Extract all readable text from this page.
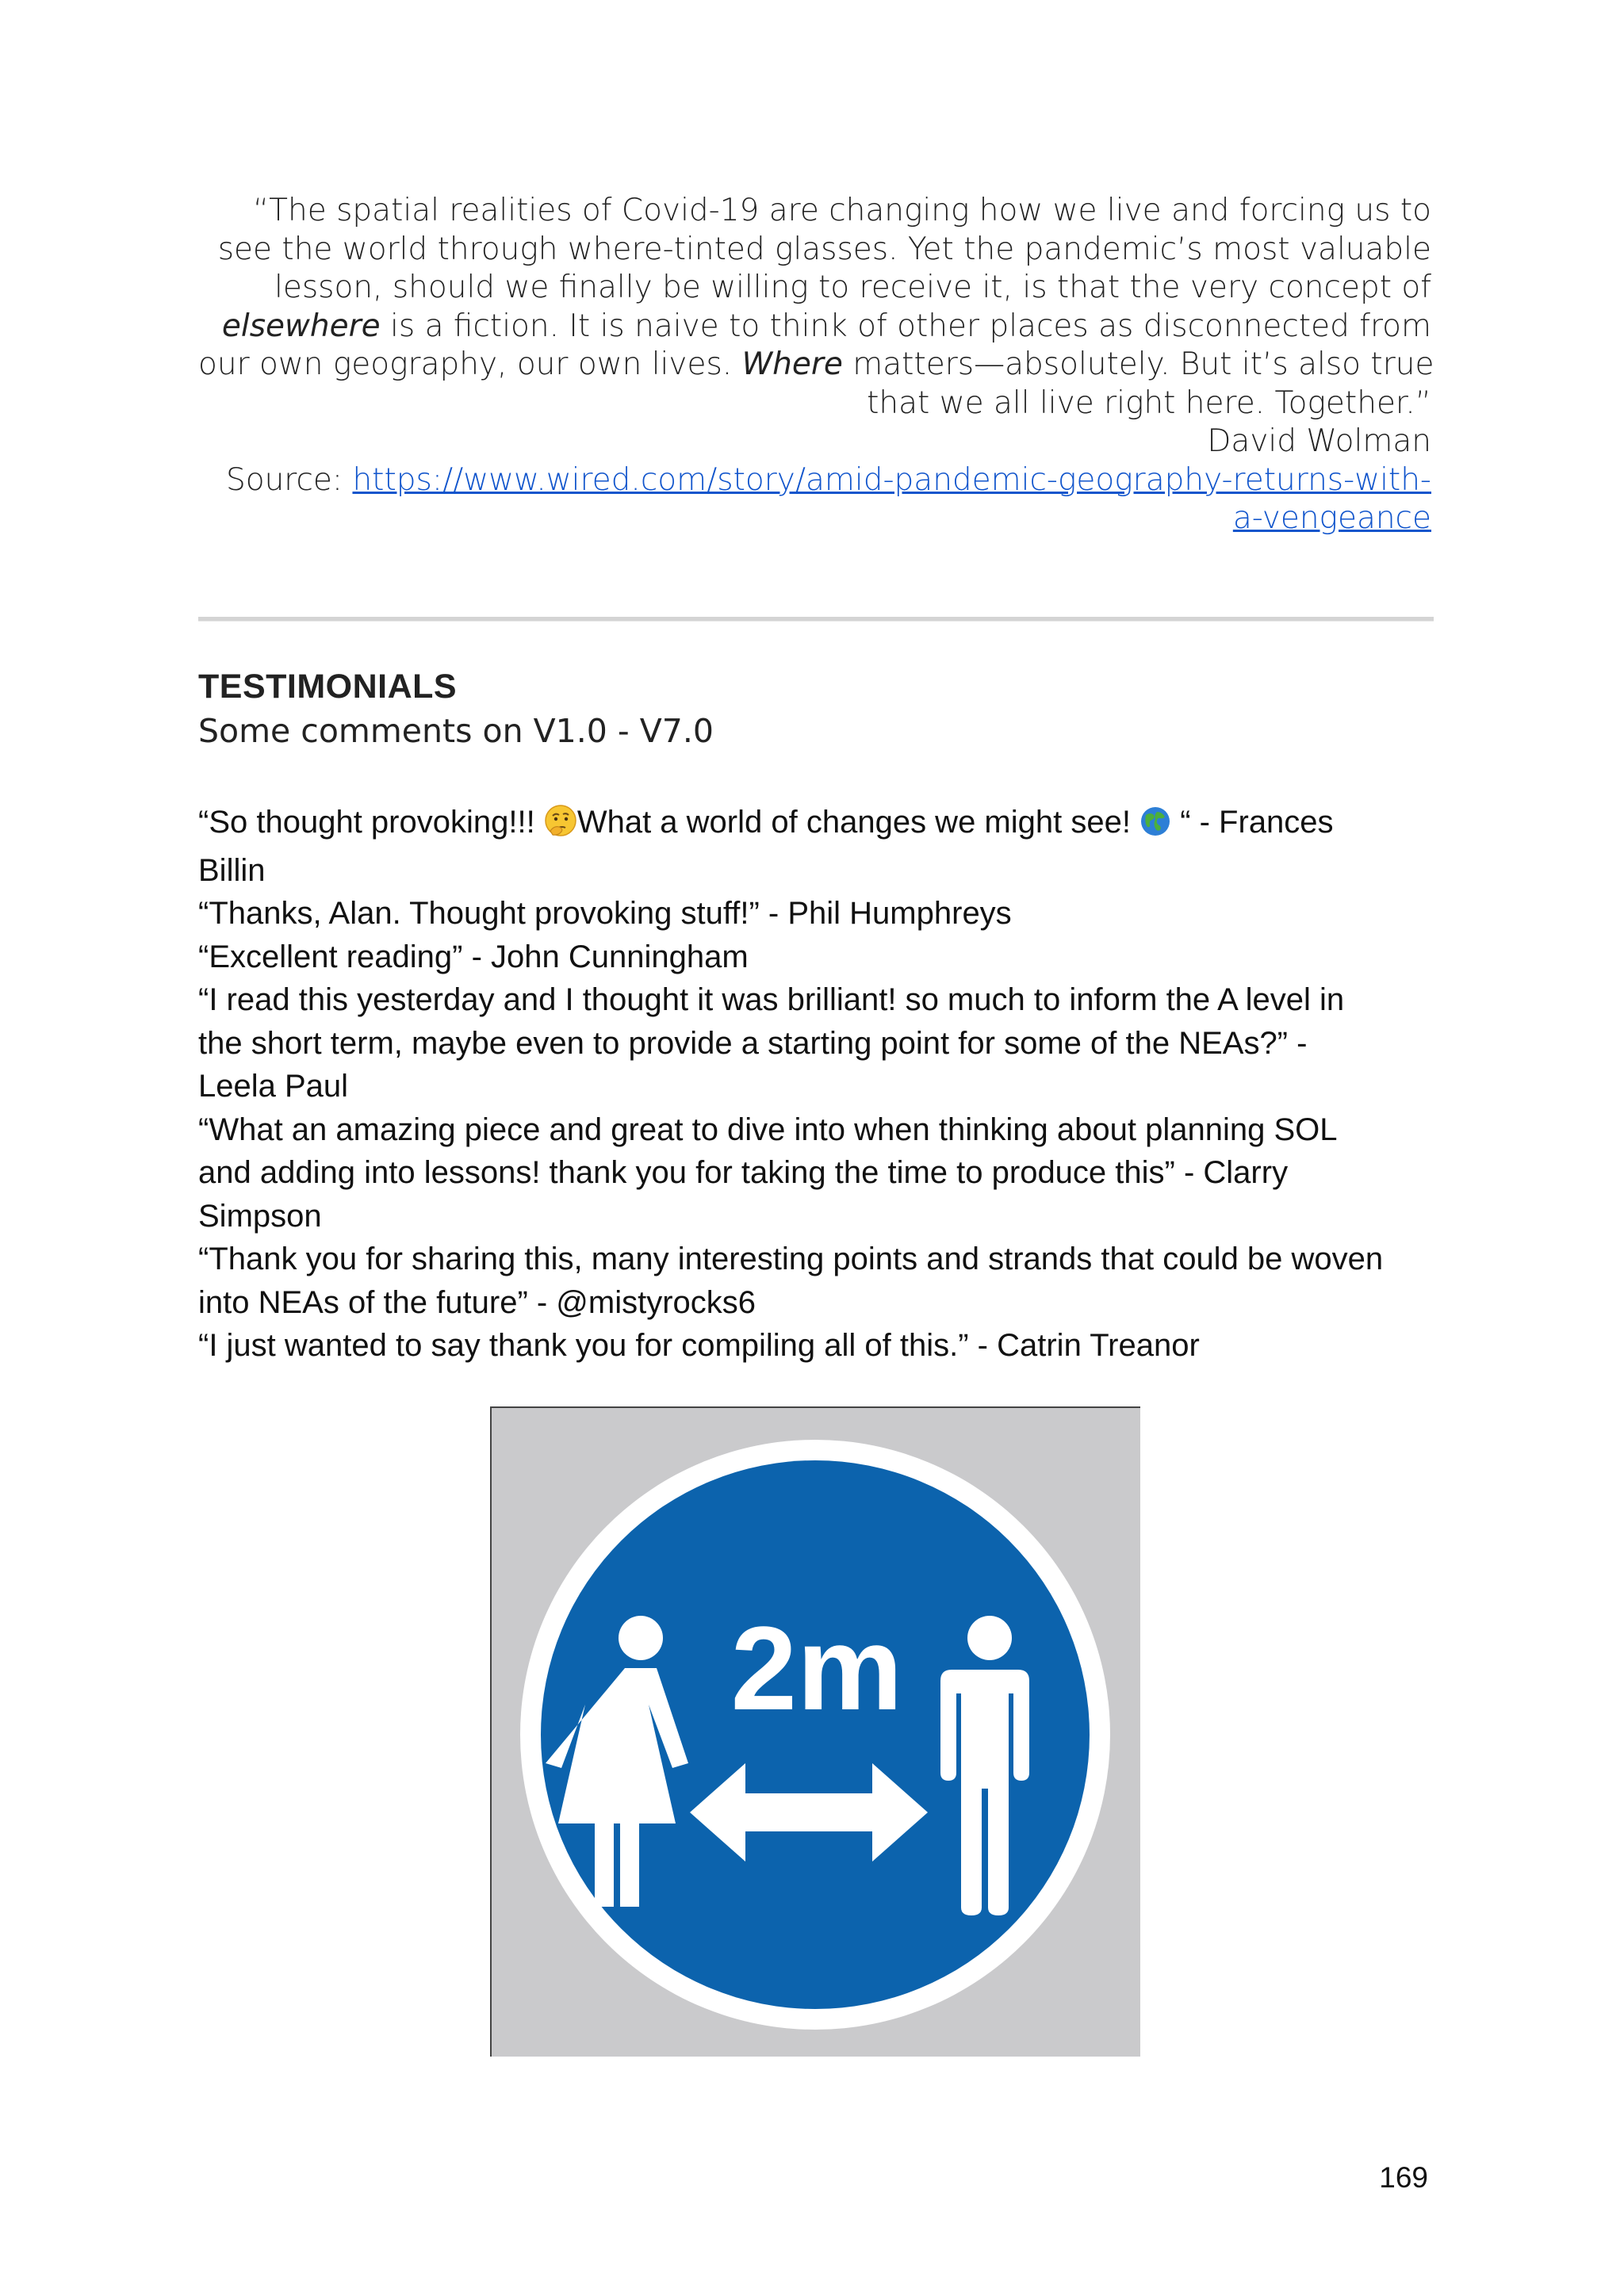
“The spatial realities of Covid-19 are changing how we live and forcing us to
see the world through where-tinted glasses. Yet the pandemic’s most valuable
lesson, should we finally be willing to receive it, is that the very concept of
elsewhere is a fiction. It is naive to think of other places as disconnected from
our own geography, our own lives. Where matters—absolutely. But it’s also true
that we all live right here. Together.”
David Wolman
Source: https://www.wired.com/story/amid-pandemic-geography-returns-with-
a-vengeance
TESTIMONIALS
Some comments on V1.0 - V7.0
“So thought provoking!!! What a world of changes we might see!  “ - Frances
Billin
“Thanks, Alan. Thought provoking stuff!” - Phil Humphreys
“Excellent reading” - John Cunningham
“I read this yesterday and I thought it was brilliant! so much to inform the A level in
the short term, maybe even to provide a starting point for some of the NEAs?” -
Leela Paul
“What an amazing piece and great to dive into when thinking about planning SOL
and adding into lessons! thank you for taking the time to produce this” - Clarry
Simpson
“Thank you for sharing this, many interesting points and strands that could be woven
into NEAs of the future” - @mistyrocks6
“I just wanted to say thank you for compiling all of this.” - Catrin Treanor
2m
169
